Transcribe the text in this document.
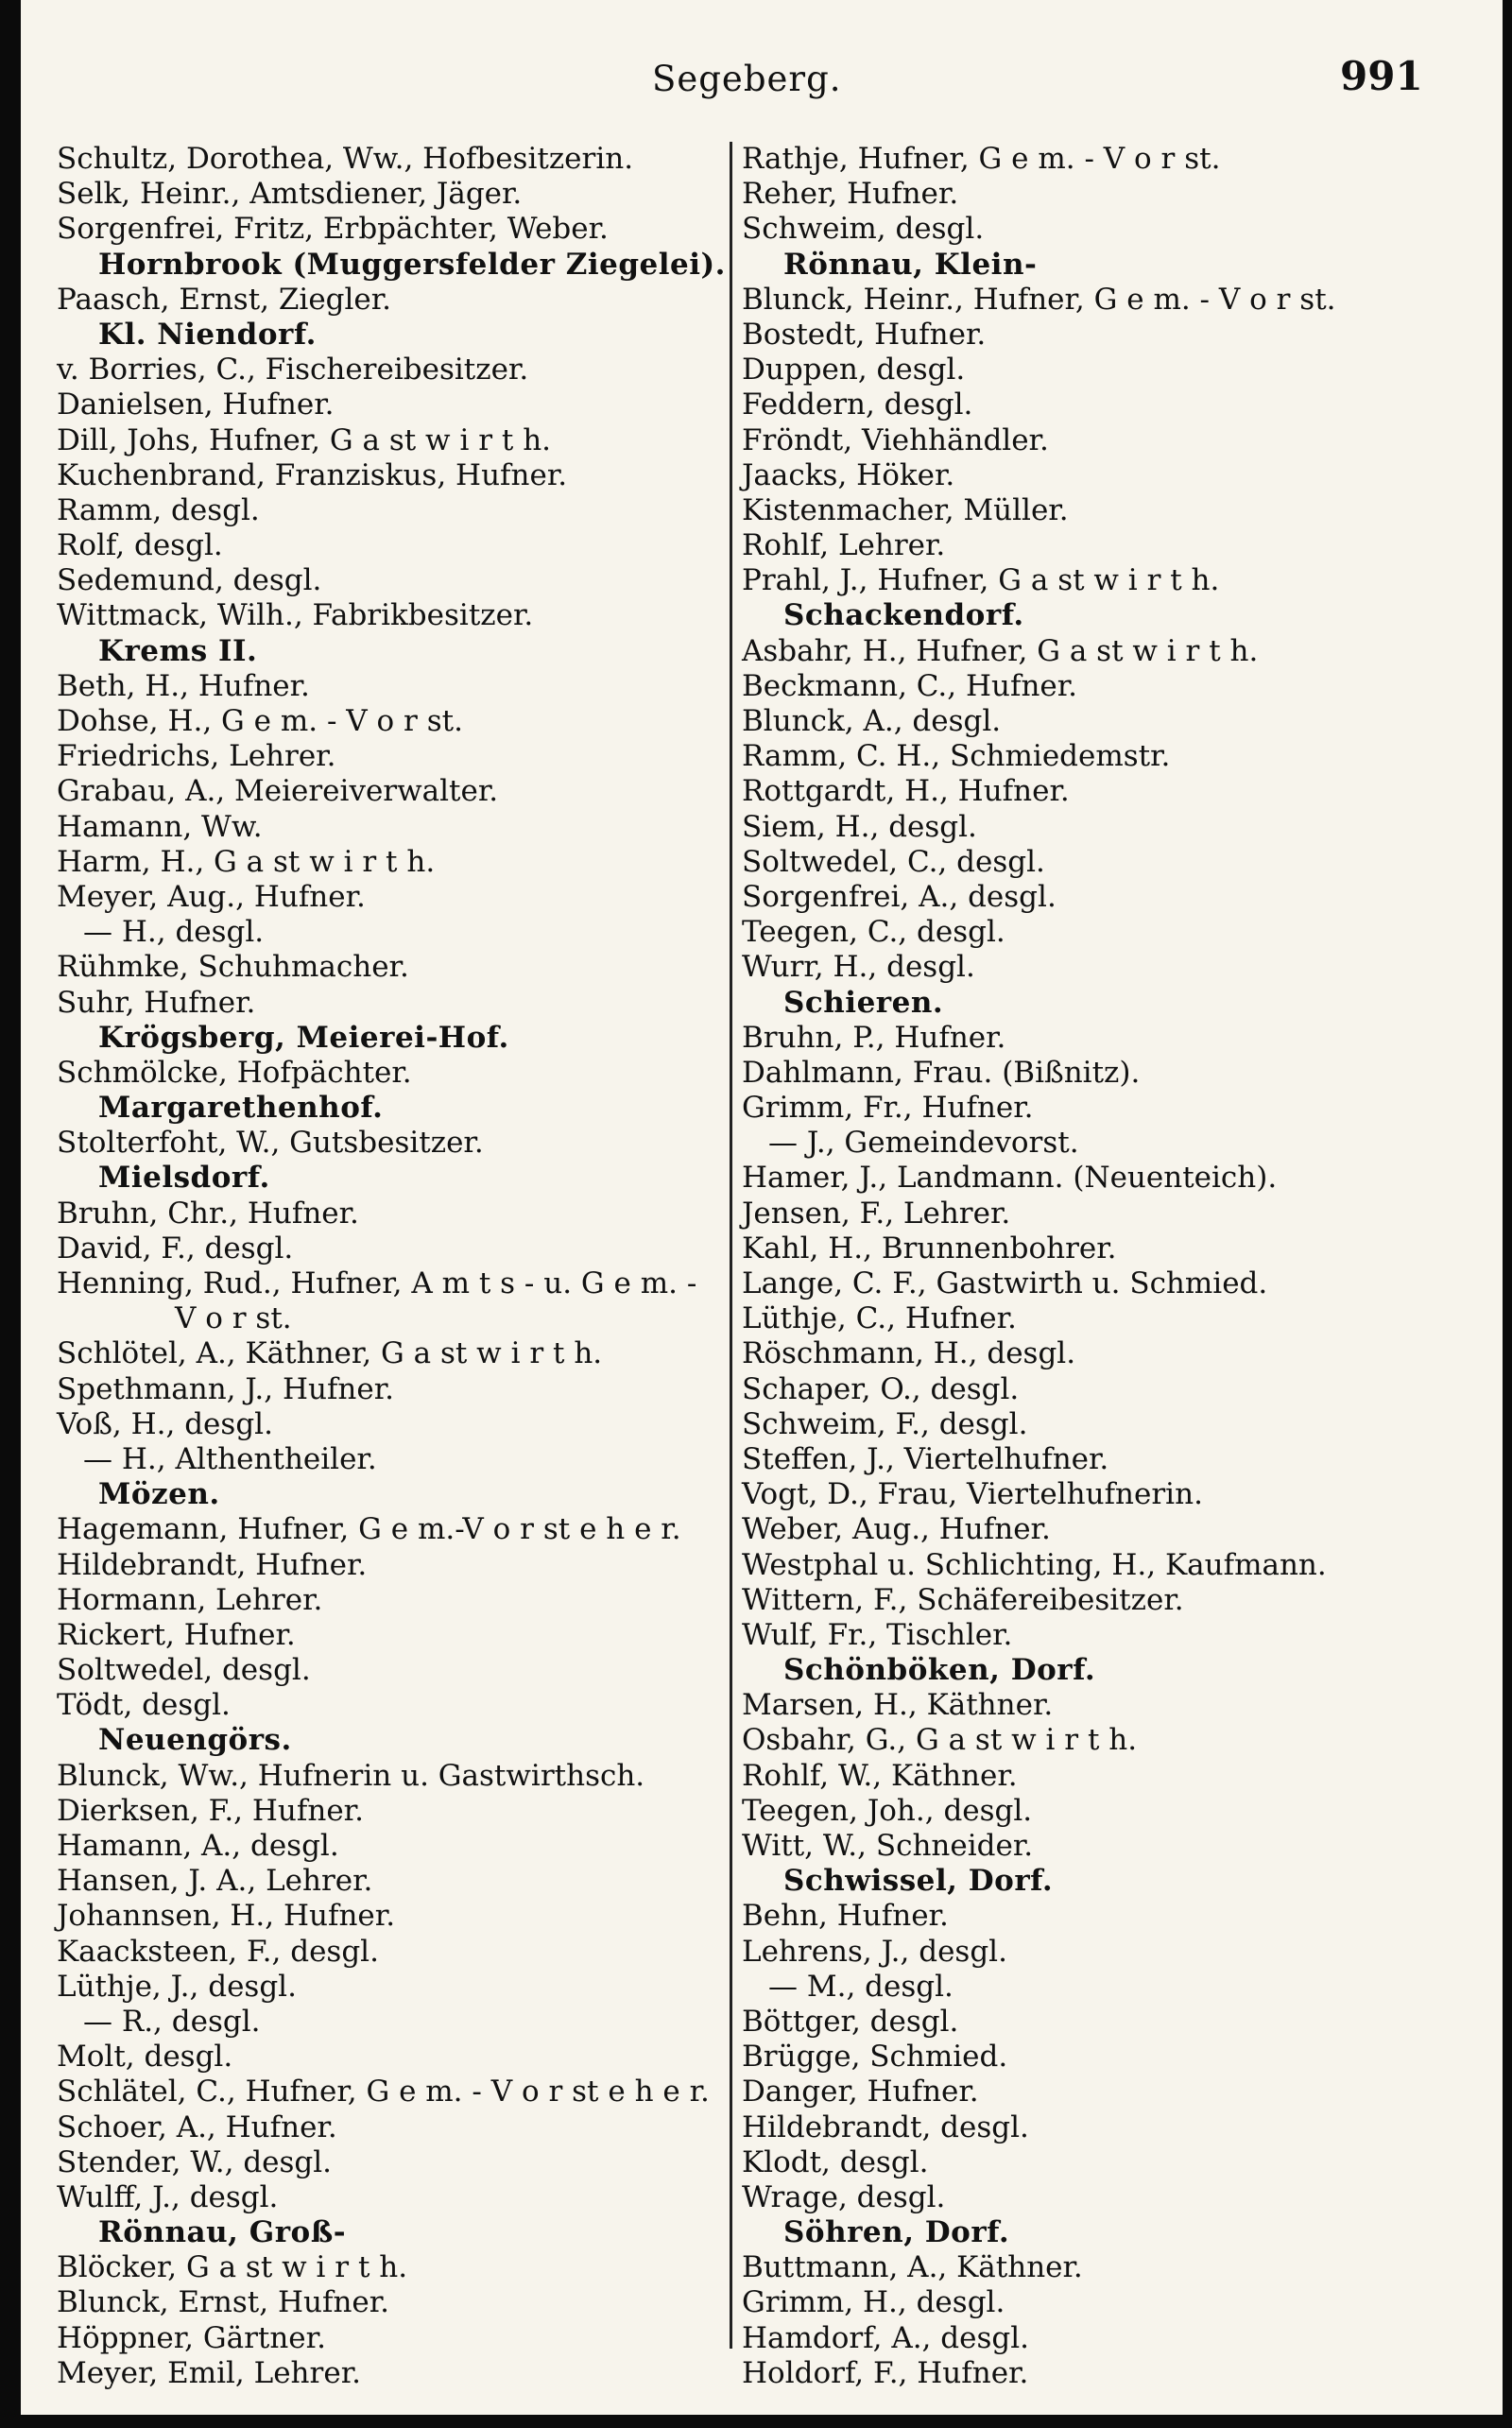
Segeberg.	991
Schultz, Dorothea, Ww., Hofbesitzerin.
Selk, Heinr., Amtsdiener, Jäger.
Sorgenfrei, Fritz, Erbpächter, Weber.
Hornbrook (Muggersfelder Ziegelei).
Paasch, Ernst, Ziegler.
Kl. Niendorf.
v. Borries, C., Fischereibesitzer.
Danielsen, Hufner.
Dill, Johs, Hufner, G a st w i r t h.
Kuchenbrand, Franziskus, Hufner.
Ramm, desgl.
Rolf, desgl.
Sedemund, desgl.
Wittmack, Wilh., Fabrikbesitzer.
Krems II.
Beth, H., Hufner.
Dohse, H., G e m. - V o r st.
Friedrichs, Lehrer.
Grabau, A., Meiereiverwalter.
Hamann, Ww.
Harm, H., G a st w i r t h.
Meyer, Aug., Hufner.
— H., desgl.
Rühmke, Schuhmacher.
Suhr, Hufner.
Krögsberg, Meierei-Hof.
Schmölcke, Hofpächter.
Margarethenhof.
Stolterfoht, W., Gutsbesitzer.
Mielsdorf.
Bruhn, Chr., Hufner.
David, F., desgl.
Henning, Rud., Hufner, A m t s - u. G e m. -
V o r st.
Schlötel, A., Käthner, G a st w i r t h.
Spethmann, J., Hufner.
Voß, H., desgl.
— H., Althentheiler.
Mözen.
Hagemann, Hufner, G e m.-V o r st e h e r.
Hildebrandt, Hufner.
Hormann, Lehrer.
Rickert, Hufner.
Soltwedel, desgl.
Tödt, desgl.
Neuengörs.
Blunck, Ww., Hufnerin u. Gastwirthsch.
Dierksen, F., Hufner.
Hamann, A., desgl.
Hansen, J. A., Lehrer.
Johannsen, H., Hufner.
Kaacksteen, F., desgl.
Lüthje, J., desgl.
— R., desgl.
Molt, desgl.
Schlätel, C., Hufner, G e m. - V o r st e h e r.
Schoer, A., Hufner.
Stender, W., desgl.
Wulff, J., desgl.
Rönnau, Groß-
Blöcker, G a st w i r t h.
Blunck, Ernst, Hufner.
Höppner, Gärtner.
Meyer, Emil, Lehrer.
Rathje, Hufner, G e m. - V o r st.
Reher, Hufner.
Schweim, desgl.
Rönnau, Klein-
Blunck, Heinr., Hufner, G e m. - V o r st.
Bostedt, Hufner.
Duppen, desgl.
Feddern, desgl.
Fröndt, Viehhändler.
Jaacks, Höker.
Kistenmacher, Müller.
Rohlf, Lehrer.
Prahl, J., Hufner, G a st w i r t h.
Schackendorf.
Asbahr, H., Hufner, G a st w i r t h.
Beckmann, C., Hufner.
Blunck, A., desgl.
Ramm, C. H., Schmiedemstr.
Rottgardt, H., Hufner.
Siem, H., desgl.
Soltwedel, C., desgl.
Sorgenfrei, A., desgl.
Teegen, C., desgl.
Wurr, H., desgl.
Schieren.
Bruhn, P., Hufner.
Dahlmann, Frau. (Bißnitz).
Grimm, Fr., Hufner.
— J., Gemeindevorst.
Hamer, J., Landmann. (Neuenteich).
Jensen, F., Lehrer.
Kahl, H., Brunnenbohrer.
Lange, C. F., Gastwirth u. Schmied.
Lüthje, C., Hufner.
Röschmann, H., desgl.
Schaper, O., desgl.
Schweim, F., desgl.
Steffen, J., Viertelhufner.
Vogt, D., Frau, Viertelhufnerin.
Weber, Aug., Hufner.
Westphal u. Schlichting, H., Kaufmann.
Wittern, F., Schäfereibesitzer.
Wulf, Fr., Tischler.
Schönböken, Dorf.
Marsen, H., Käthner.
Osbahr, G., G a st w i r t h.
Rohlf, W., Käthner.
Teegen, Joh., desgl.
Witt, W., Schneider.
Schwissel, Dorf.
Behn, Hufner.
Lehrens, J., desgl.
— M., desgl.
Böttger, desgl.
Brügge, Schmied.
Danger, Hufner.
Hildebrandt, desgl.
Klodt, desgl.
Wrage, desgl.
Söhren, Dorf.
Buttmann, A., Käthner.
Grimm, H., desgl.
Hamdorf, A., desgl.
Holdorf, F., Hufner.
